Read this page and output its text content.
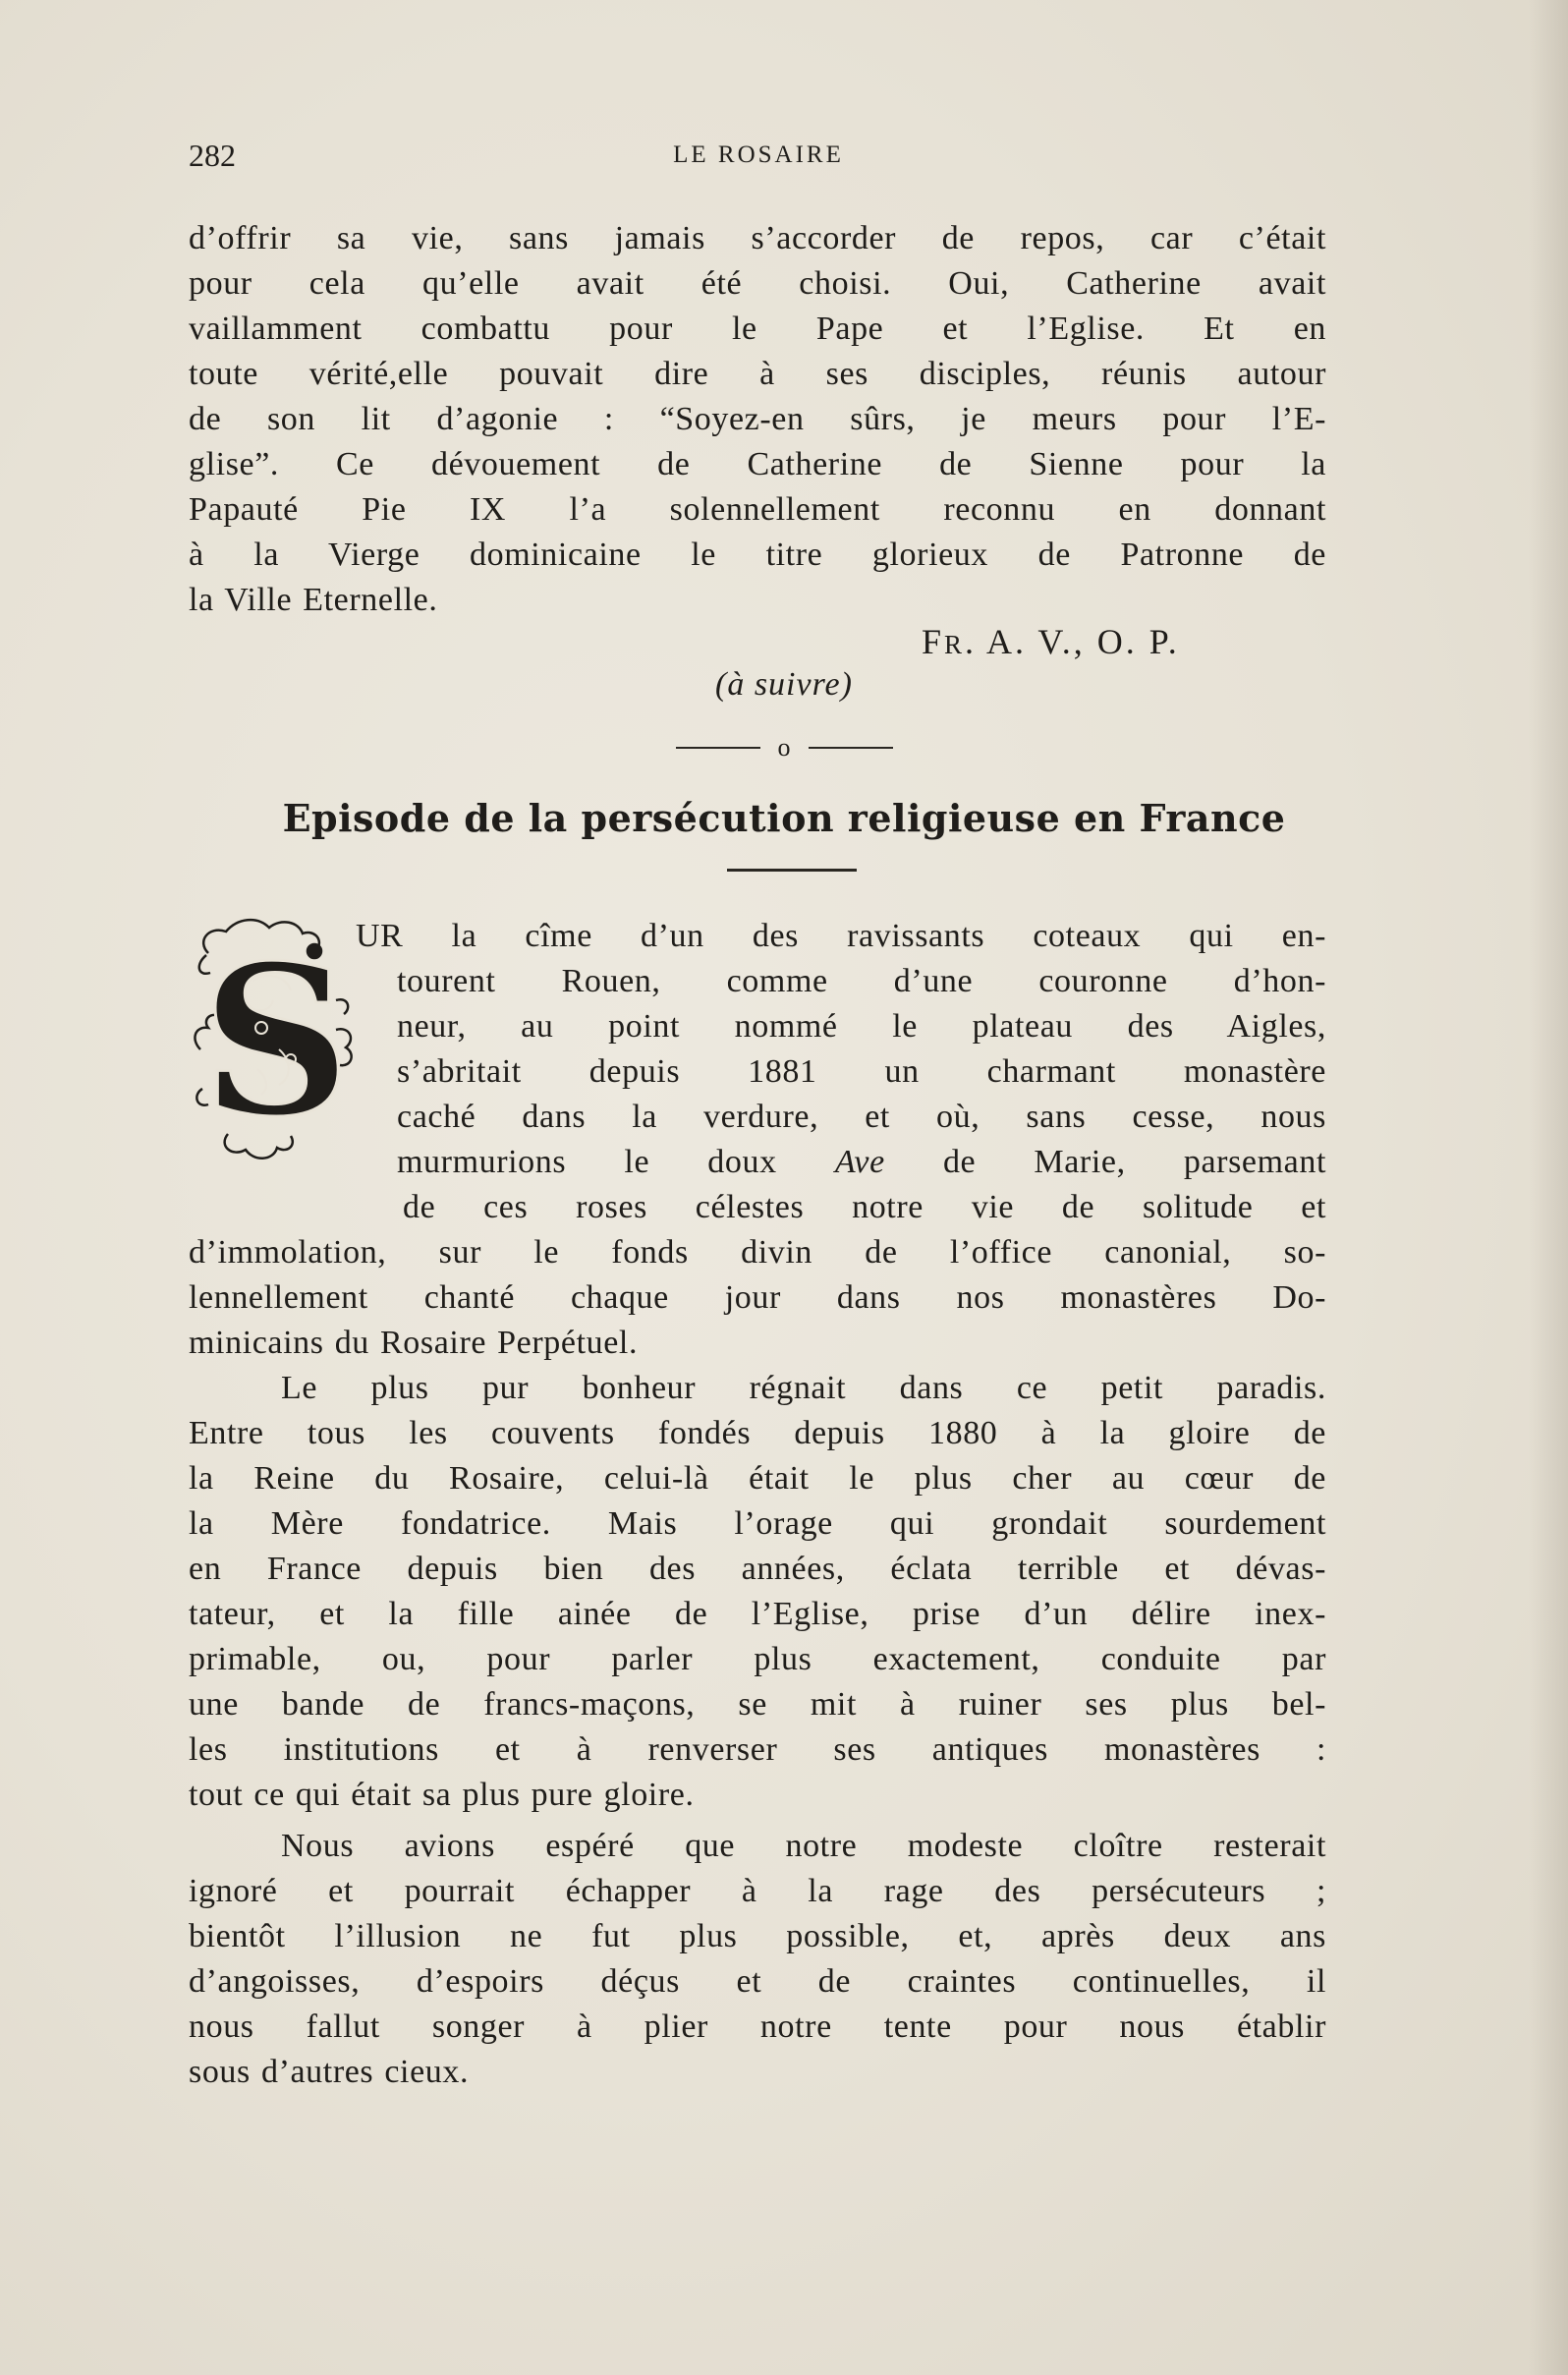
282	LE ROSAIRE
d’offrir sa vie, sans jamais s’accorder de repos, car c’était
pour cela qu’elle avait été choisi. Oui, Catherine avait
vaillamment combattu pour le Pape et l’Eglise. Et en
toute vérité,elle pouvait dire à ses disciples, réunis autour
de son lit d’agonie : “Soyez-en sûrs, je meurs pour l’E-
glise”. Ce dévouement de Catherine de Sienne pour la
Papauté Pie IX l’a solennellement reconnu en donnant
à la Vierge dominicaine le titre glorieux de Patronne de
la Ville Eternelle.
FR. A. V., O. P.
(à suivre)
o
Episode de la persécution religieuse en France
S UR la cîme d’un des ravissants coteaux qui en-
tourent Rouen, comme d’une couronne d’hon-
neur, au point nommé le plateau des Aigles,
s’abritait depuis 1881 un charmant monastère
caché dans la verdure, et où, sans cesse, nous
murmurions le doux Ave de Marie, parsemant
de ces roses célestes notre vie de solitude et
d’immolation, sur le fonds divin de l’office canonial, so-
lennellement chanté chaque jour dans nos monastères Do-
minicains du Rosaire Perpétuel.
Le plus pur bonheur régnait dans ce petit paradis.
Entre tous les couvents fondés depuis 1880 à la gloire de
la Reine du Rosaire, celui-là était le plus cher au cœur de
la Mère fondatrice. Mais l’orage qui grondait sourdement
en France depuis bien des années, éclata terrible et dévas-
tateur, et la fille ainée de l’Eglise, prise d’un délire inex-
primable, ou, pour parler plus exactement, conduite par
une bande de francs-maçons, se mit à ruiner ses plus bel-
les institutions et à renverser ses antiques monastères :
tout ce qui était sa plus pure gloire.
Nous avions espéré que notre modeste cloître resterait
ignoré et pourrait échapper à la rage des persécuteurs ;
bientôt l’illusion ne fut plus possible, et, après deux ans
d’angoisses, d’espoirs déçus et de craintes continuelles, il
nous fallut songer à plier notre tente pour nous établir
sous d’autres cieux.
